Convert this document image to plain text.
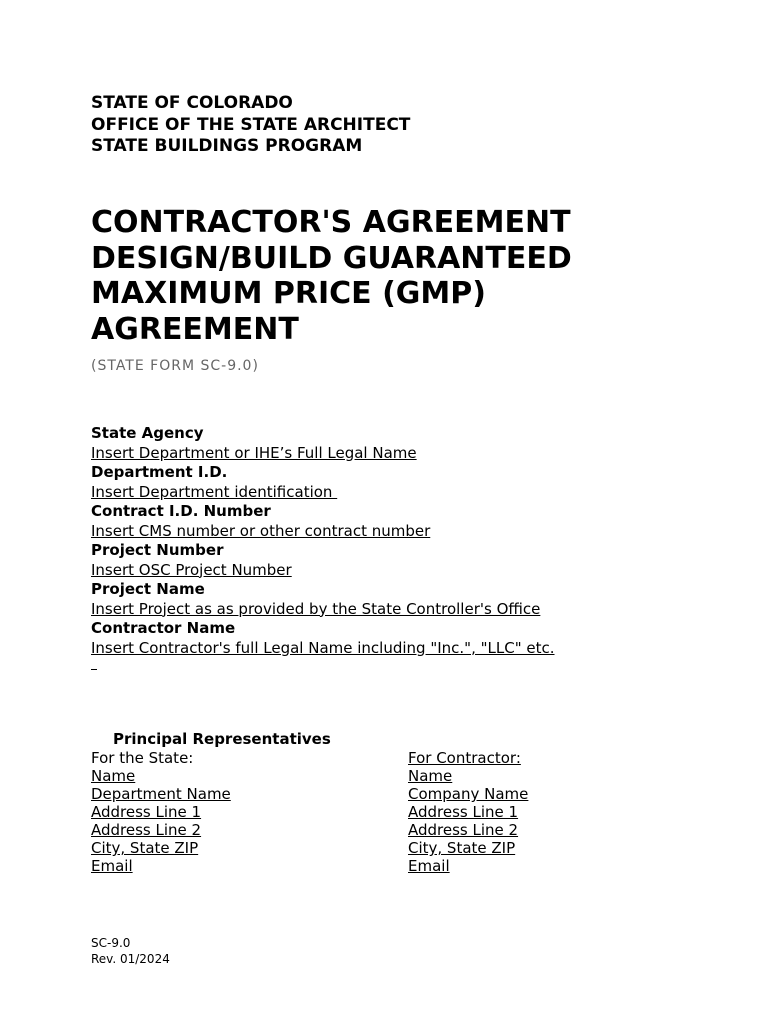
STATE OF COLORADO
OFFICE OF THE STATE ARCHITECT
STATE BUILDINGS PROGRAM
CONTRACTOR'S AGREEMENT
DESIGN/BUILD GUARANTEED
MAXIMUM PRICE (GMP)
AGREEMENT
(STATE FORM SC-9.0)
State Agency
Insert Department or IHE’s Full Legal Name
Department I.D.
Insert Department identification
Contract I.D. Number
Insert CMS number or other contract number
Project Number
Insert OSC Project Number
Project Name
Insert Project as as provided by the State Controller's Office
Contractor Name
Insert Contractor's full Legal Name including "Inc.", "LLC" etc.
Principal Representatives
For the State:
Name
Department Name
Address Line 1
Address Line 2
City, State ZIP
Email
For Contractor:
Name
Company Name
Address Line 1
Address Line 2
City, State ZIP
Email
SC-9.0
Rev. 01/2024
